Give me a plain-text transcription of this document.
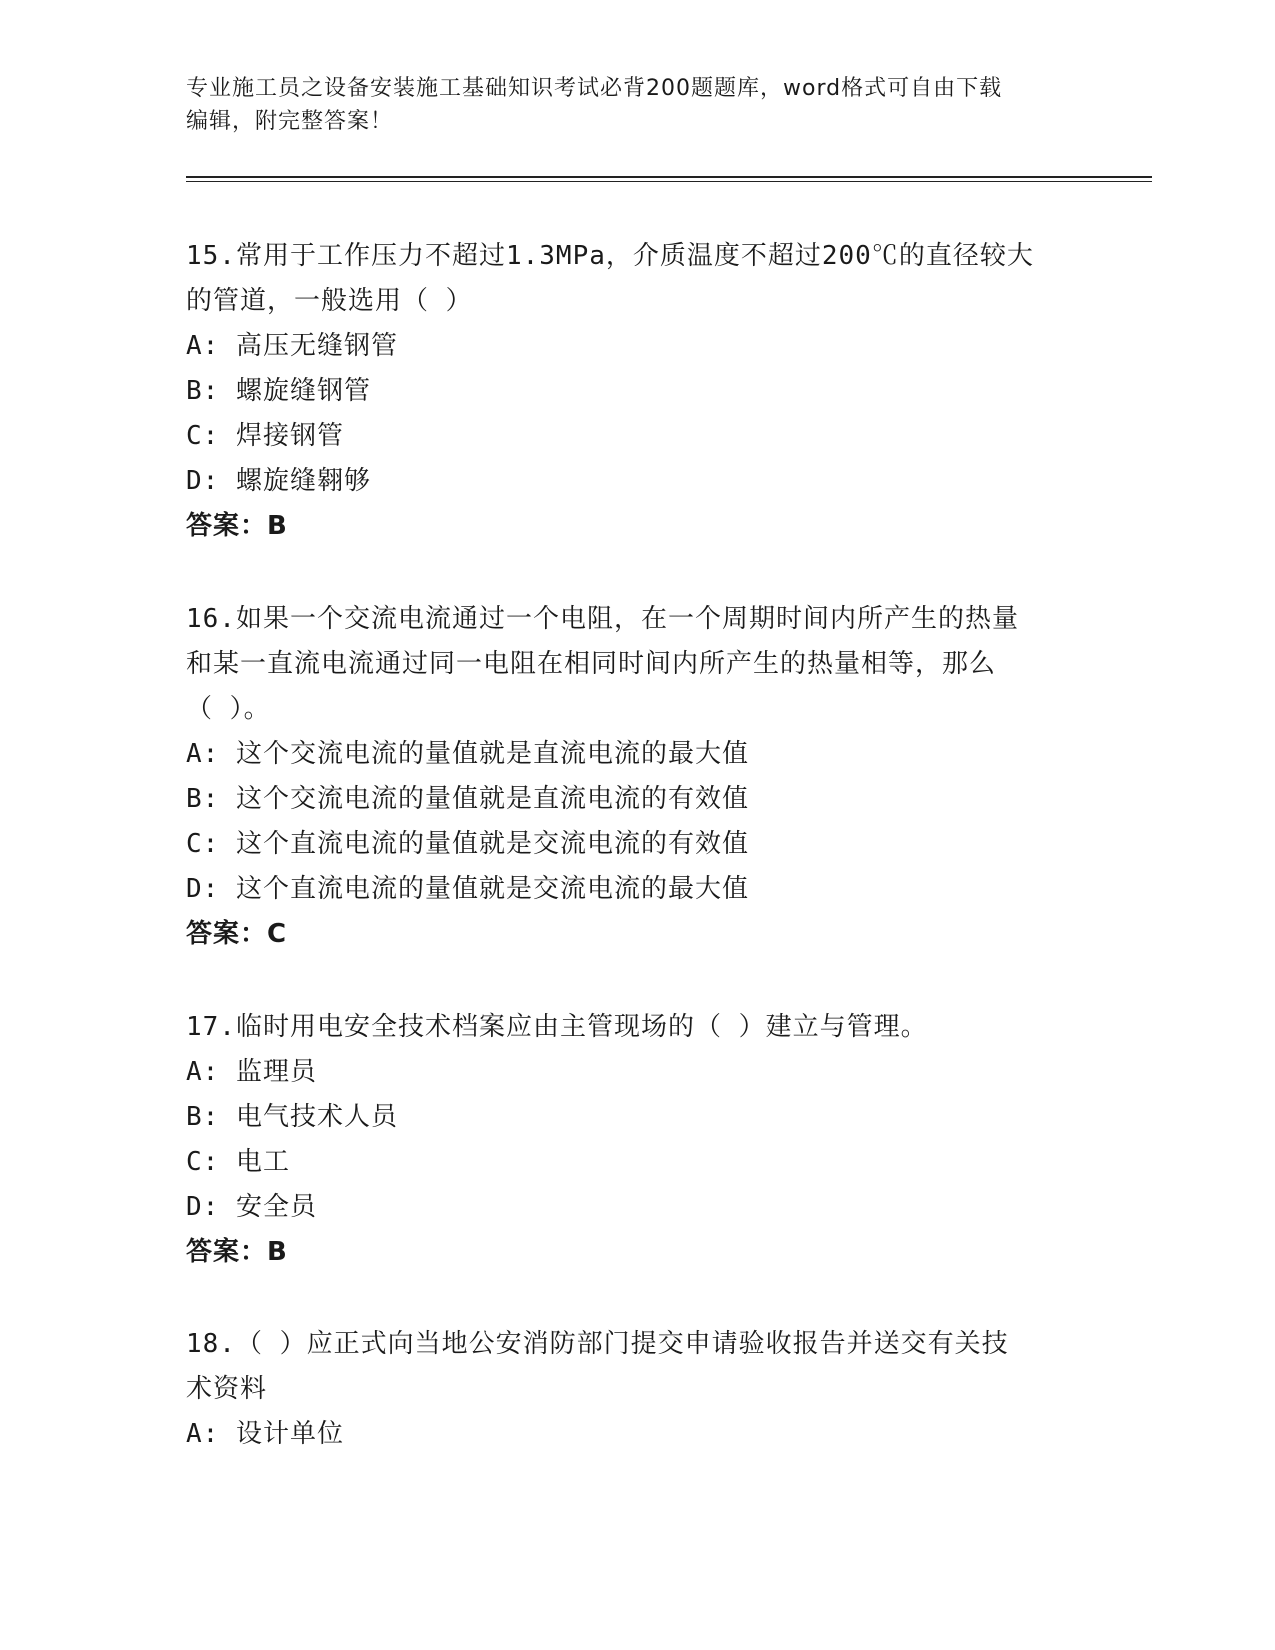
专业施工员之设备安装施工基础知识考试必背200题题库，word格式可自由下载
编辑，附完整答案！
15.常用于工作压力不超过1.3MPa，介质温度不超过200℃的直径较大
的管道，一般选用（ ）
A: 高压无缝钢管
B: 螺旋缝钢管
C: 焊接钢管
D: 螺旋缝翱够
答案：B
16.如果一个交流电流通过一个电阻，在一个周期时间内所产生的热量
和某一直流电流通过同一电阻在相同时间内所产生的热量相等，那么
（ ）。
A: 这个交流电流的量值就是直流电流的最大值
B: 这个交流电流的量值就是直流电流的有效值
C: 这个直流电流的量值就是交流电流的有效值
D: 这个直流电流的量值就是交流电流的最大值
答案：C
17.临时用电安全技术档案应由主管现场的（ ）建立与管理。
A: 监理员
B: 电气技术人员
C: 电工
D: 安全员
答案：B
18.（ ）应正式向当地公安消防部门提交申请验收报告并送交有关技
术资料
A: 设计单位
